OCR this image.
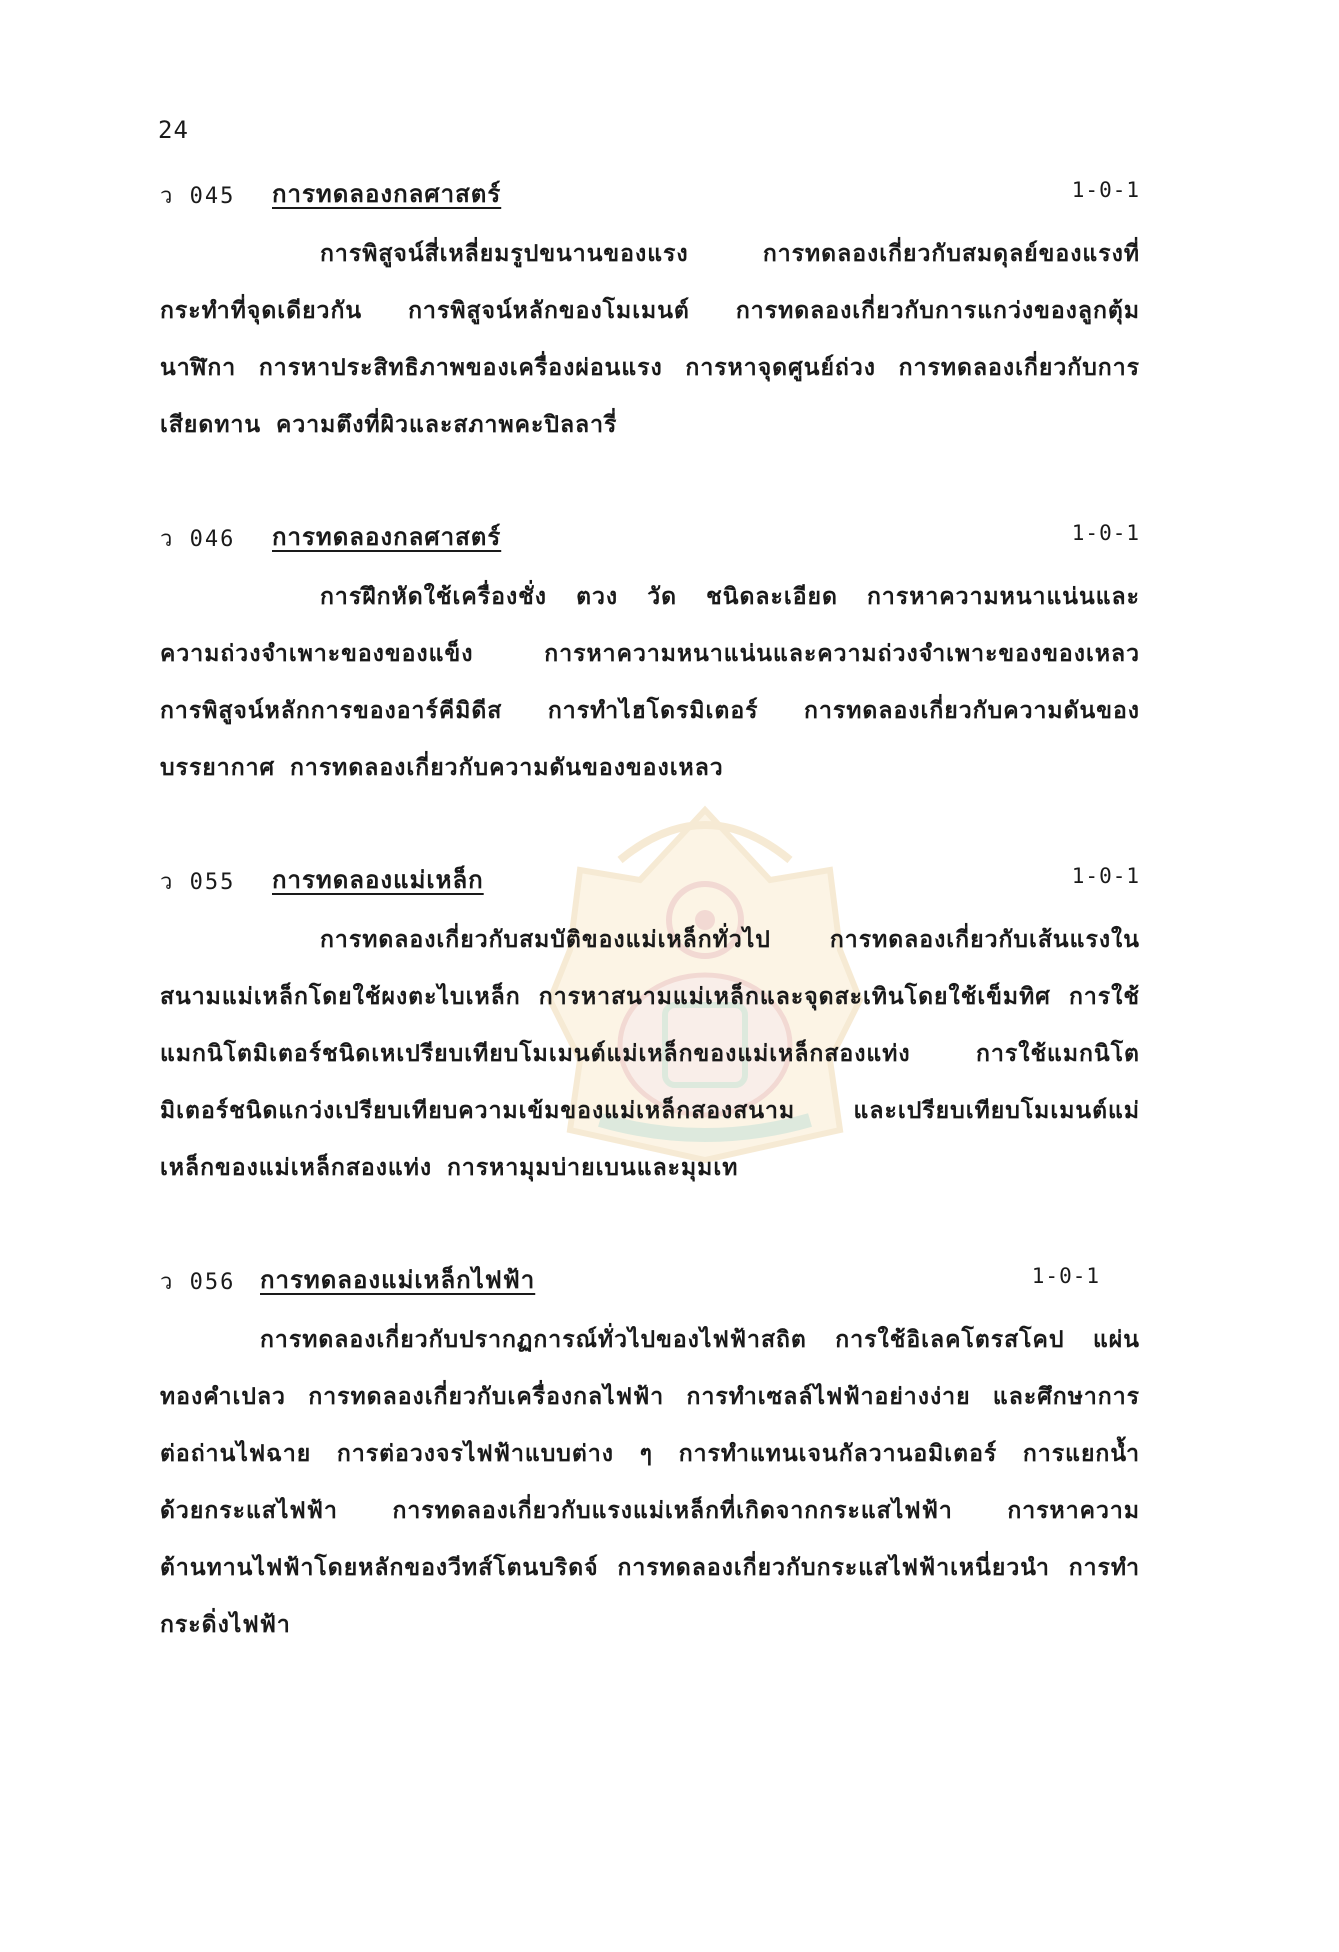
24
ว 045 การทดลองกลศาสตร์	1-0-1
การพิสูจน์สี่เหลี่ยมรูปขนานของแรง การทดลองเกี่ยวกับสมดุลย์ของแรงที่กระทำที่จุดเดียวกัน การพิสูจน์หลักของโมเมนต์ การทดลองเกี่ยวกับการแกว่งของลูกตุ้มนาฬิกา การหาประสิทธิภาพของเครื่องผ่อนแรง การหาจุดศูนย์ถ่วง การทดลองเกี่ยวกับการเสียดทาน ความตึงที่ผิวและสภาพคะปิลลารี่
ว 046 การทดลองกลศาสตร์	1-0-1
การฝึกหัดใช้เครื่องชั่ง ตวง วัด ชนิดละเอียด การหาความหนาแน่นและความถ่วงจำเพาะของของแข็ง การหาความหนาแน่นและความถ่วงจำเพาะของของเหลว การพิสูจน์หลักการของอาร์คีมิดีส การทำไฮโดรมิเตอร์ การทดลองเกี่ยวกับความดันของบรรยากาศ การทดลองเกี่ยวกับความดันของของเหลว
ว 055 การทดลองแม่เหล็ก	1-0-1
การทดลองเกี่ยวกับสมบัติของแม่เหล็กทั่วไป การทดลองเกี่ยวกับเส้นแรงในสนามแม่เหล็กโดยใช้ผงตะไบเหล็ก การหาสนามแม่เหล็กและจุดสะเทินโดยใช้เข็มทิศ การใช้แมกนิโตมิเตอร์ชนิดเหเปรียบเทียบโมเมนต์แม่เหล็กของแม่เหล็กสองแท่ง การใช้แมกนิโตมิเตอร์ชนิดแกว่งเปรียบเทียบความเข้มของแม่เหล็กสองสนาม และเปรียบเทียบโมเมนต์แม่เหล็กของแม่เหล็กสองแท่ง การหามุมบ่ายเบนและมุมเท
ว 056 การทดลองแม่เหล็กไฟฟ้า	1-0-1
การทดลองเกี่ยวกับปรากฏการณ์ทั่วไปของไฟฟ้าสถิต การใช้อิเลคโตรสโคป แผ่นทองคำเปลว การทดลองเกี่ยวกับเครื่องกลไฟฟ้า การทำเซลล์ไฟฟ้าอย่างง่าย และศึกษาการต่อถ่านไฟฉาย การต่อวงจรไฟฟ้าแบบต่าง ๆ การทำแทนเจนกัลวานอมิเตอร์ การแยกน้ำด้วยกระแสไฟฟ้า การทดลองเกี่ยวกับแรงแม่เหล็กที่เกิดจากกระแสไฟฟ้า การหาความต้านทานไฟฟ้าโดยหลักของวีทส์โตนบริดจ์ การทดลองเกี่ยวกับกระแสไฟฟ้าเหนี่ยวนำ การทำกระดิ่งไฟฟ้า
